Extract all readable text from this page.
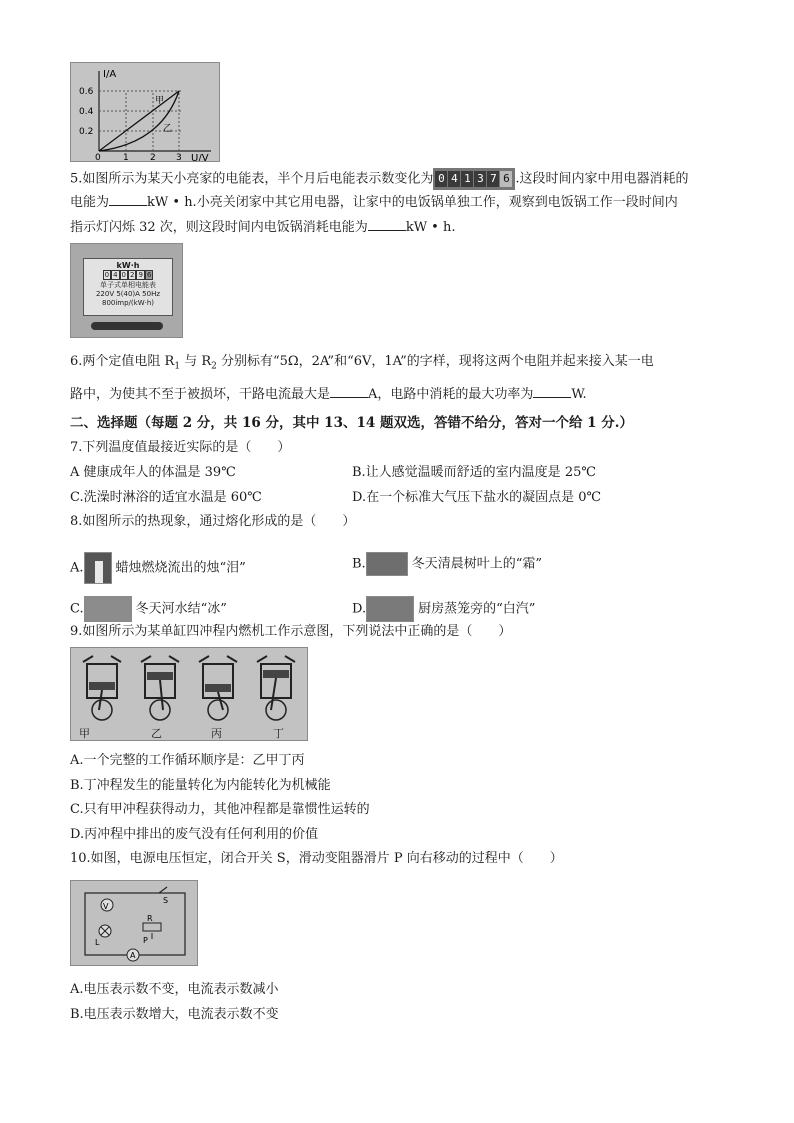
I/A
U/V
0.6
0.4
0.2
0 1 2 3
甲
乙
5.如图所示为某天小亮家的电能表，半个月后电能表示数变化为 0 4 1 3 7 6 .这段时间内家中用电器消耗的
电能为	kW • h.小亮关闭家中其它用电器，让家中的电饭锅单独工作，观察到电饭锅工作一段时间内
指示灯闪烁 32 次，则这段时间内电饭锅消耗电能为	kW • h.
kW·h
0 4 0 2 9 6
单子式单相电能表
220V 5(40)A 50Hz
800imp/(kW·h)
6.两个定值电阻 $R_1$ 与 $R_2$ 分别标有“5Ω，2A”和“6V，1A”的字样，现将这两个电阻并起来接入某一电
路中，为使其不至于被损坏，干路电流最大是	A，电路中消耗的最大功率为	W.
二、选择题（每题 2 分，共 16 分，其中 13、14 题双选，答错不给分，答对一个给 1 分.）
7.下列温度值最接近实际的是（　　）
A 健康成年人的体温是 39℃	B.让人感觉温暖而舒适的室内温度是 25℃
C.洗澡时淋浴的适宜水温是 60℃	D.在一个标准大气压下盐水的凝固点是 0℃
8.如图所示的热现象，通过熔化形成的是（　　）
A. 蜡烛燃烧流出的烛“泪”	B.	冬天清晨树叶上的“霜”
C.	冬天河水结“冰”	D.	厨房蒸笼旁的“白汽”
9.如图所示为某单缸四冲程内燃机工作示意图，下列说法中正确的是（　　）
甲	乙	丙	丁
A.一个完整的工作循环顺序是：乙甲丁丙
B.丁冲程发生的能量转化为内能转化为机械能
C.只有甲冲程获得动力，其他冲程都是靠惯性运转的
D.丙冲程中排出的废气没有任何利用的价值
10.如图，电源电压恒定，闭合开关 S，滑动变阻器滑片 P 向右移动的过程中（　　）
V
S
R
P
L
A
A.电压表示数不变，电流表示数减小
B.电压表示数增大，电流表示数不变
